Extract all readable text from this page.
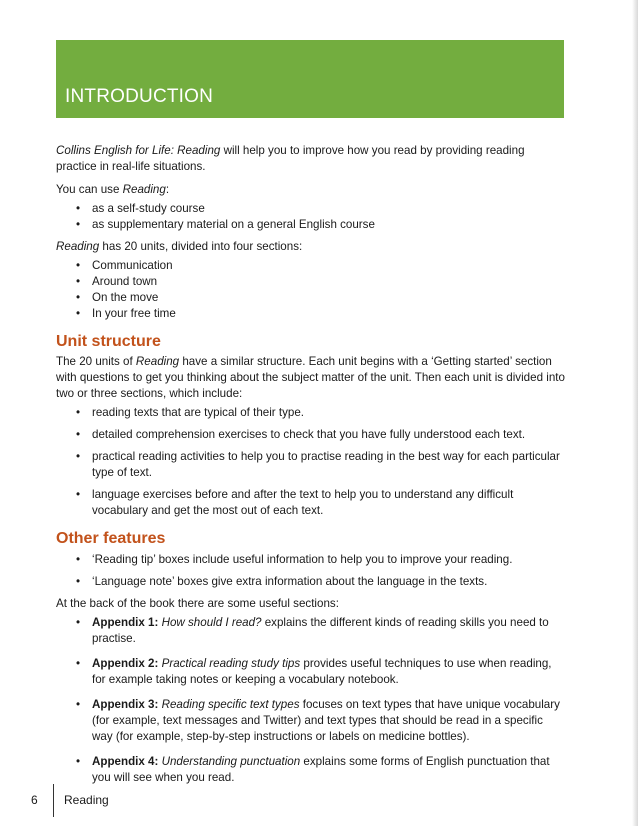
INTRODUCTION

Collins English for Life: Reading will help you to improve how you read by providing reading practice in real-life situations.

You can use Reading:

• as a self-study course
• as supplementary material on a general English course

Reading has 20 units, divided into four sections:

• Communication
• Around town
• On the move
• In your free time
Unit structure

The 20 units of Reading have a similar structure. Each unit begins with a ‘Getting started’ section with questions to get you thinking about the subject matter of the unit. Then each unit is divided into two or three sections, which include:

• reading texts that are typical of their type.
• detailed comprehension exercises to check that you have fully understood each text.
• practical reading activities to help you to practise reading in the best way for each particular type of text.
• language exercises before and after the text to help you to understand any difficult vocabulary and get the most out of each text.
Other features
• ‘Reading tip’ boxes include useful information to help you to improve your reading.
• ‘Language note’ boxes give extra information about the language in the texts.

At the back of the book there are some useful sections:

• Appendix 1: How should I read? explains the different kinds of reading skills you need to practise.
• Appendix 2: Practical reading study tips provides useful techniques to use when reading, for example taking notes or keeping a vocabulary notebook.
• Appendix 3: Reading specific text types focuses on text types that have unique vocabulary (for example, text messages and Twitter) and text types that should be read in a specific way (for example, step-by-step instructions or labels on medicine bottles).
• Appendix 4: Understanding punctuation explains some forms of English punctuation that you will see when you read.
6 Reading
